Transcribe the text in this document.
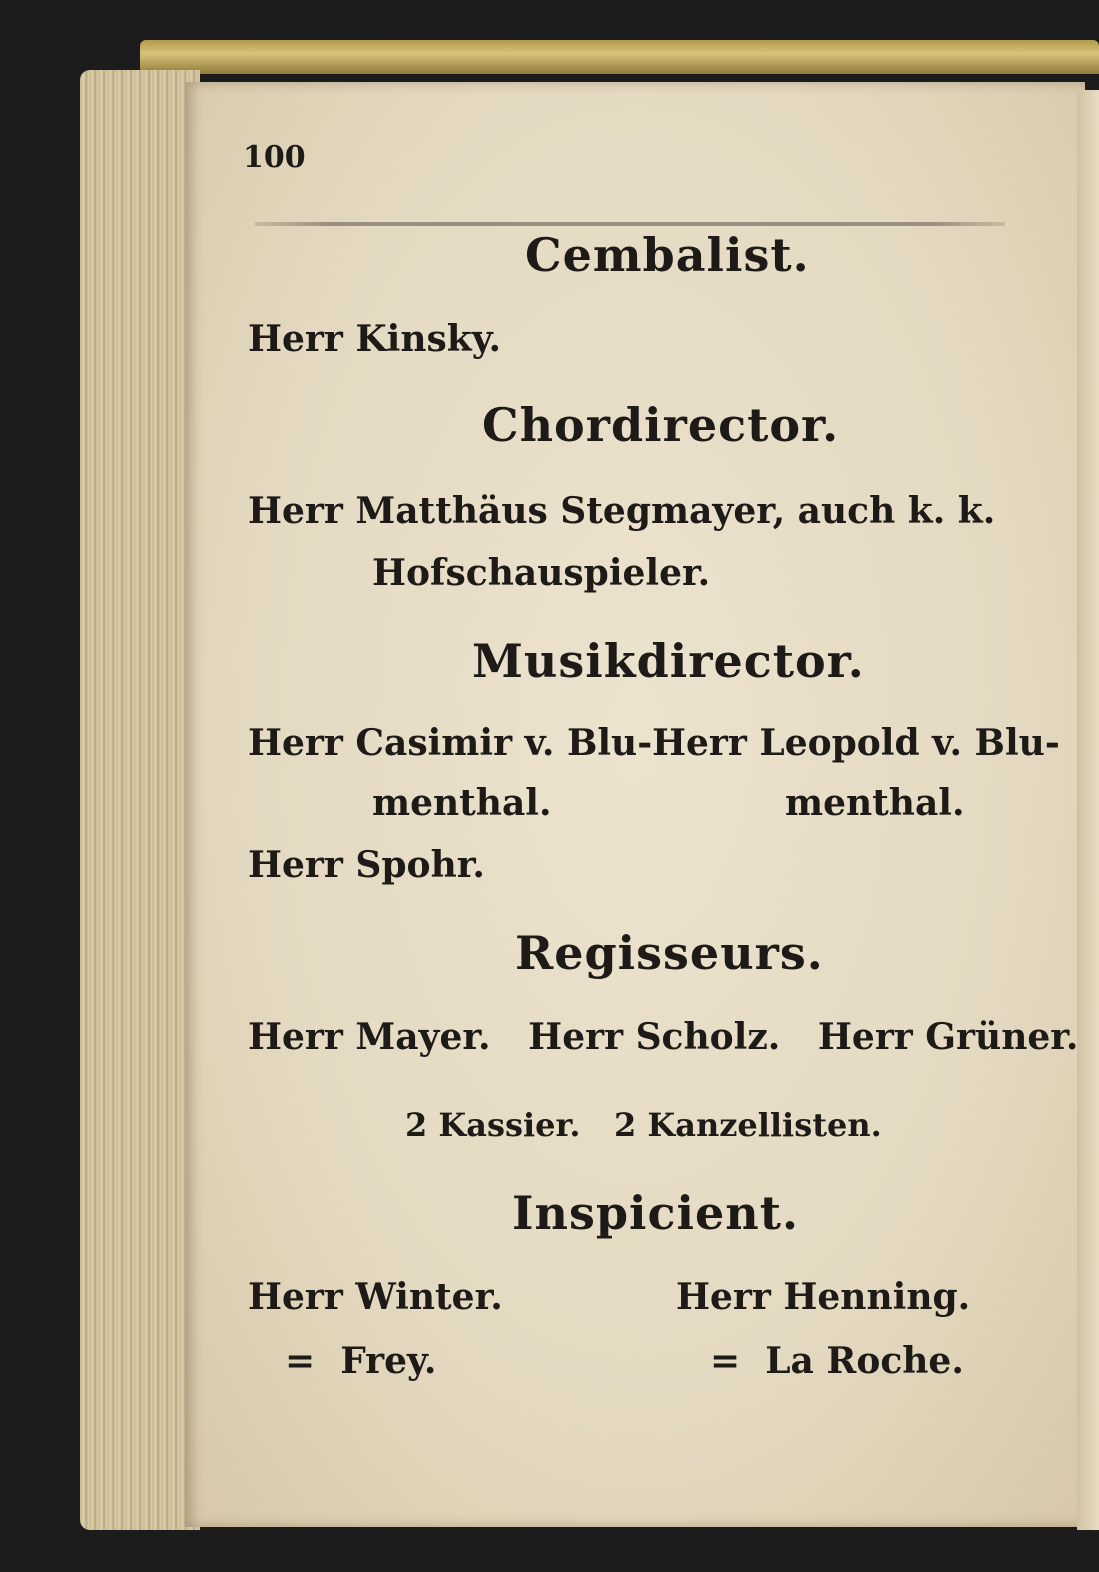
100
Cembalist.
Herr Kinsky.
Chordirector.
Herr Matthäus Stegmayer, auch k. k.
Hofschauspieler.
Musikdirector.
Herr Casimir v. Blu-
menthal.
Herr Leopold v. Blu-
menthal.
Herr Spohr.
Regisseurs.
Herr Mayer.   Herr Scholz.   Herr Grüner.
2 Kassier.   2 Kanzellisten.
Inspicient.
Herr Winter.
=  Frey.
Herr Henning.
=  La Roche.
